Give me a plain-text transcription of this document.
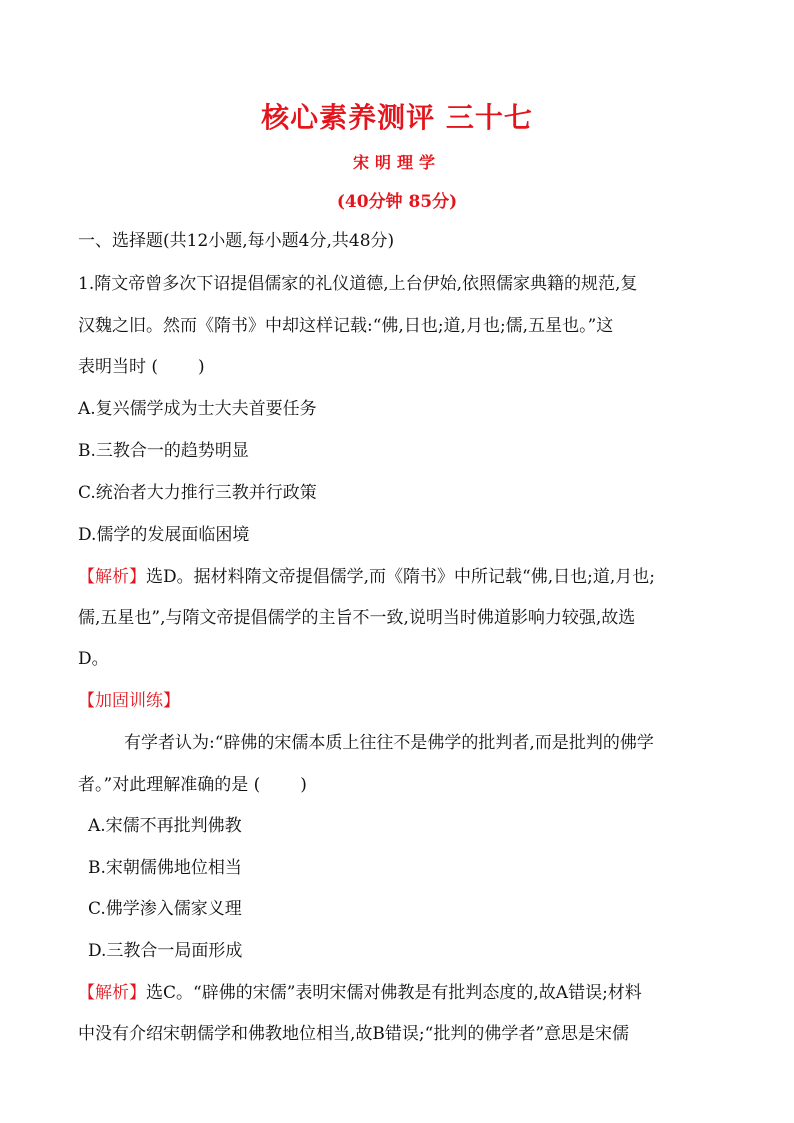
核心素养测评 三十七
宋明理学
(40分钟 85分)
一、选择题(共12小题,每小题4分,共48分)
1.隋文帝曾多次下诏提倡儒家的礼仪道德,上台伊始,依照儒家典籍的规范,复
汉魏之旧。然而《隋书》中却这样记载:“佛,日也;道,月也;儒,五星也。”这
表明当时 ( )
A.复兴儒学成为士大夫首要任务
B.三教合一的趋势明显
C.统治者大力推行三教并行政策
D.儒学的发展面临困境
【解析】选D。据材料隋文帝提倡儒学,而《隋书》中所记载“佛,日也;道,月也;
儒,五星也”,与隋文帝提倡儒学的主旨不一致,说明当时佛道影响力较强,故选
D。
【加固训练】
有学者认为:“辟佛的宋儒本质上往往不是佛学的批判者,而是批判的佛学
者。”对此理解准确的是 ( )
A.宋儒不再批判佛教
B.宋朝儒佛地位相当
C.佛学渗入儒家义理
D.三教合一局面形成
【解析】选C。“辟佛的宋儒”表明宋儒对佛教是有批判态度的,故A错误;材料
中没有介绍宋朝儒学和佛教地位相当,故B错误;“批判的佛学者”意思是宋儒
